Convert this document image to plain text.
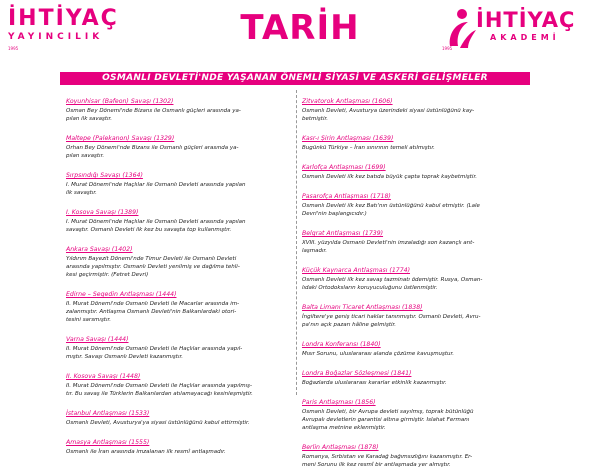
İHTİYAÇ
YAYINCILIK
1995
TARİH	İHTİYAÇ
AKADEMİ
1995
OSMANLI DEVLETİ'NDE YAŞANAN ÖNEMLİ SİYASİ VE ASKERİ GELİŞMELER
Koyunhisar (Bafeon) Savaşı (1302)
Osman Bey Dönemi'nde Bizans ile Osmanlı güçleri arasında ya-
pılan ilk savaştır.
Maltepe (Palekanon) Savaşı (1329)
Orhan Bey Dönemi'nde Bizans ile Osmanlı güçleri arasında ya-
pılan savaştır.
Sırpsındığı Savaşı (1364)
I. Murat Dönemi'nde Haçlılar ile Osmanlı Devleti arasında yapılan
ilk savaştır.
I. Kosova Savaşı (1389)
I. Murat Dönemi'nde Haçlılar ile Osmanlı Devleti arasında yapılan
savaştır. Osmanlı Devleti ilk kez bu savaşta top kullanmıştır.
Ankara Savaşı (1402)
Yıldırım Bayezit Dönemi'nde Timur Devleti ile Osmanlı Devleti
arasında yapılmıştır. Osmanlı Devleti yenilmiş ve dağılma tehli-
kesi geçirmiştir. (Fetret Devri)
Edirne – Segedin Antlaşması (1444)
II. Murat Dönemi'nde Osmanlı Devleti ile Macarlar arasında im-
zalanmıştır. Antlaşma Osmanlı Devleti'nin Balkanlardaki otori-
tesini sarsmıştır.
Varna Savaşı (1444)
II. Murat Dönemi'nde Osmanlı Devleti ile Haçlılar arasında yapıl-
mıştır. Savaşı Osmanlı Devleti kazanmıştır.
II. Kosova Savaşı (1448)
II. Murat Dönemi'nde Osmanlı Devleti ile Haçlılar arasında yapılmış-
tır. Bu savaş ile Türklerin Balkanlardan atılamayacağı kesinleşmiştir.
İstanbul Antlaşması (1533)
Osmanlı Devleti, Avusturya'ya siyasi üstünlüğünü kabul ettirmiştir.
Amasya Antlaşması (1555)
Osmanlı ile İran arasında imzalanan ilk resmî antlaşmadır.
Zitvatorok Antlaşması (1606)
Osmanlı Devleti, Avusturya üzerindeki siyasi üstünlüğünü kay-
betmiştir.
Kasr-ı Şirin Antlaşması (1639)
Bugünkü Türkiye – İran sınırının temeli atılmıştır.
Karlofça Antlaşması (1699)
Osmanlı Devleti ilk kez batıda büyük çapta toprak kaybetmiştir.
Pasarofça Antlaşması (1718)
Osmanlı Devleti ilk kez Batı'nın üstünlüğünü kabul etmiştir. (Lale
Devri'nin başlangıcıdır.)
Belgrat Antlaşması (1739)
XVIII. yüzyılda Osmanlı Devleti'nin imzaladığı son kazançlı ant-
laşmadır.
Küçük Kaynarca Antlaşması (1774)
Osmanlı Devleti ilk kez savaş tazminatı ödemiştir. Rusya, Osman-
lıdaki Ortodoksların koruyuculuğunu üstlenmiştir.
Balta Limanı Ticaret Antlaşması (1838)
İngiltere'ye geniş ticari haklar tanınmıştır. Osmanlı Devleti, Avru-
pa'nın açık pazarı hâline gelmiştir.
Londra Konferansı (1840)
Mısır Sorunu, uluslararası alanda çözüme kavuşmuştur.
Londra Boğazlar Sözleşmesi (1841)
Boğazlarda uluslararası kararlar etkinlik kazanmıştır.
Paris Antlaşması (1856)
Osmanlı Devleti, bir Avrupa devleti sayılmış, toprak bütünlüğü
Avrupalı devletlerin garantisi altına girmiştir. Islahat Fermanı
antlaşma metnine eklenmiştir.
Berlin Antlaşması (1878)
Romanya, Sırbistan ve Karadağ bağımsızlığını kazanmıştır. Er-
meni Sorunu ilk kez resmî bir antlaşmada yer almıştır.
